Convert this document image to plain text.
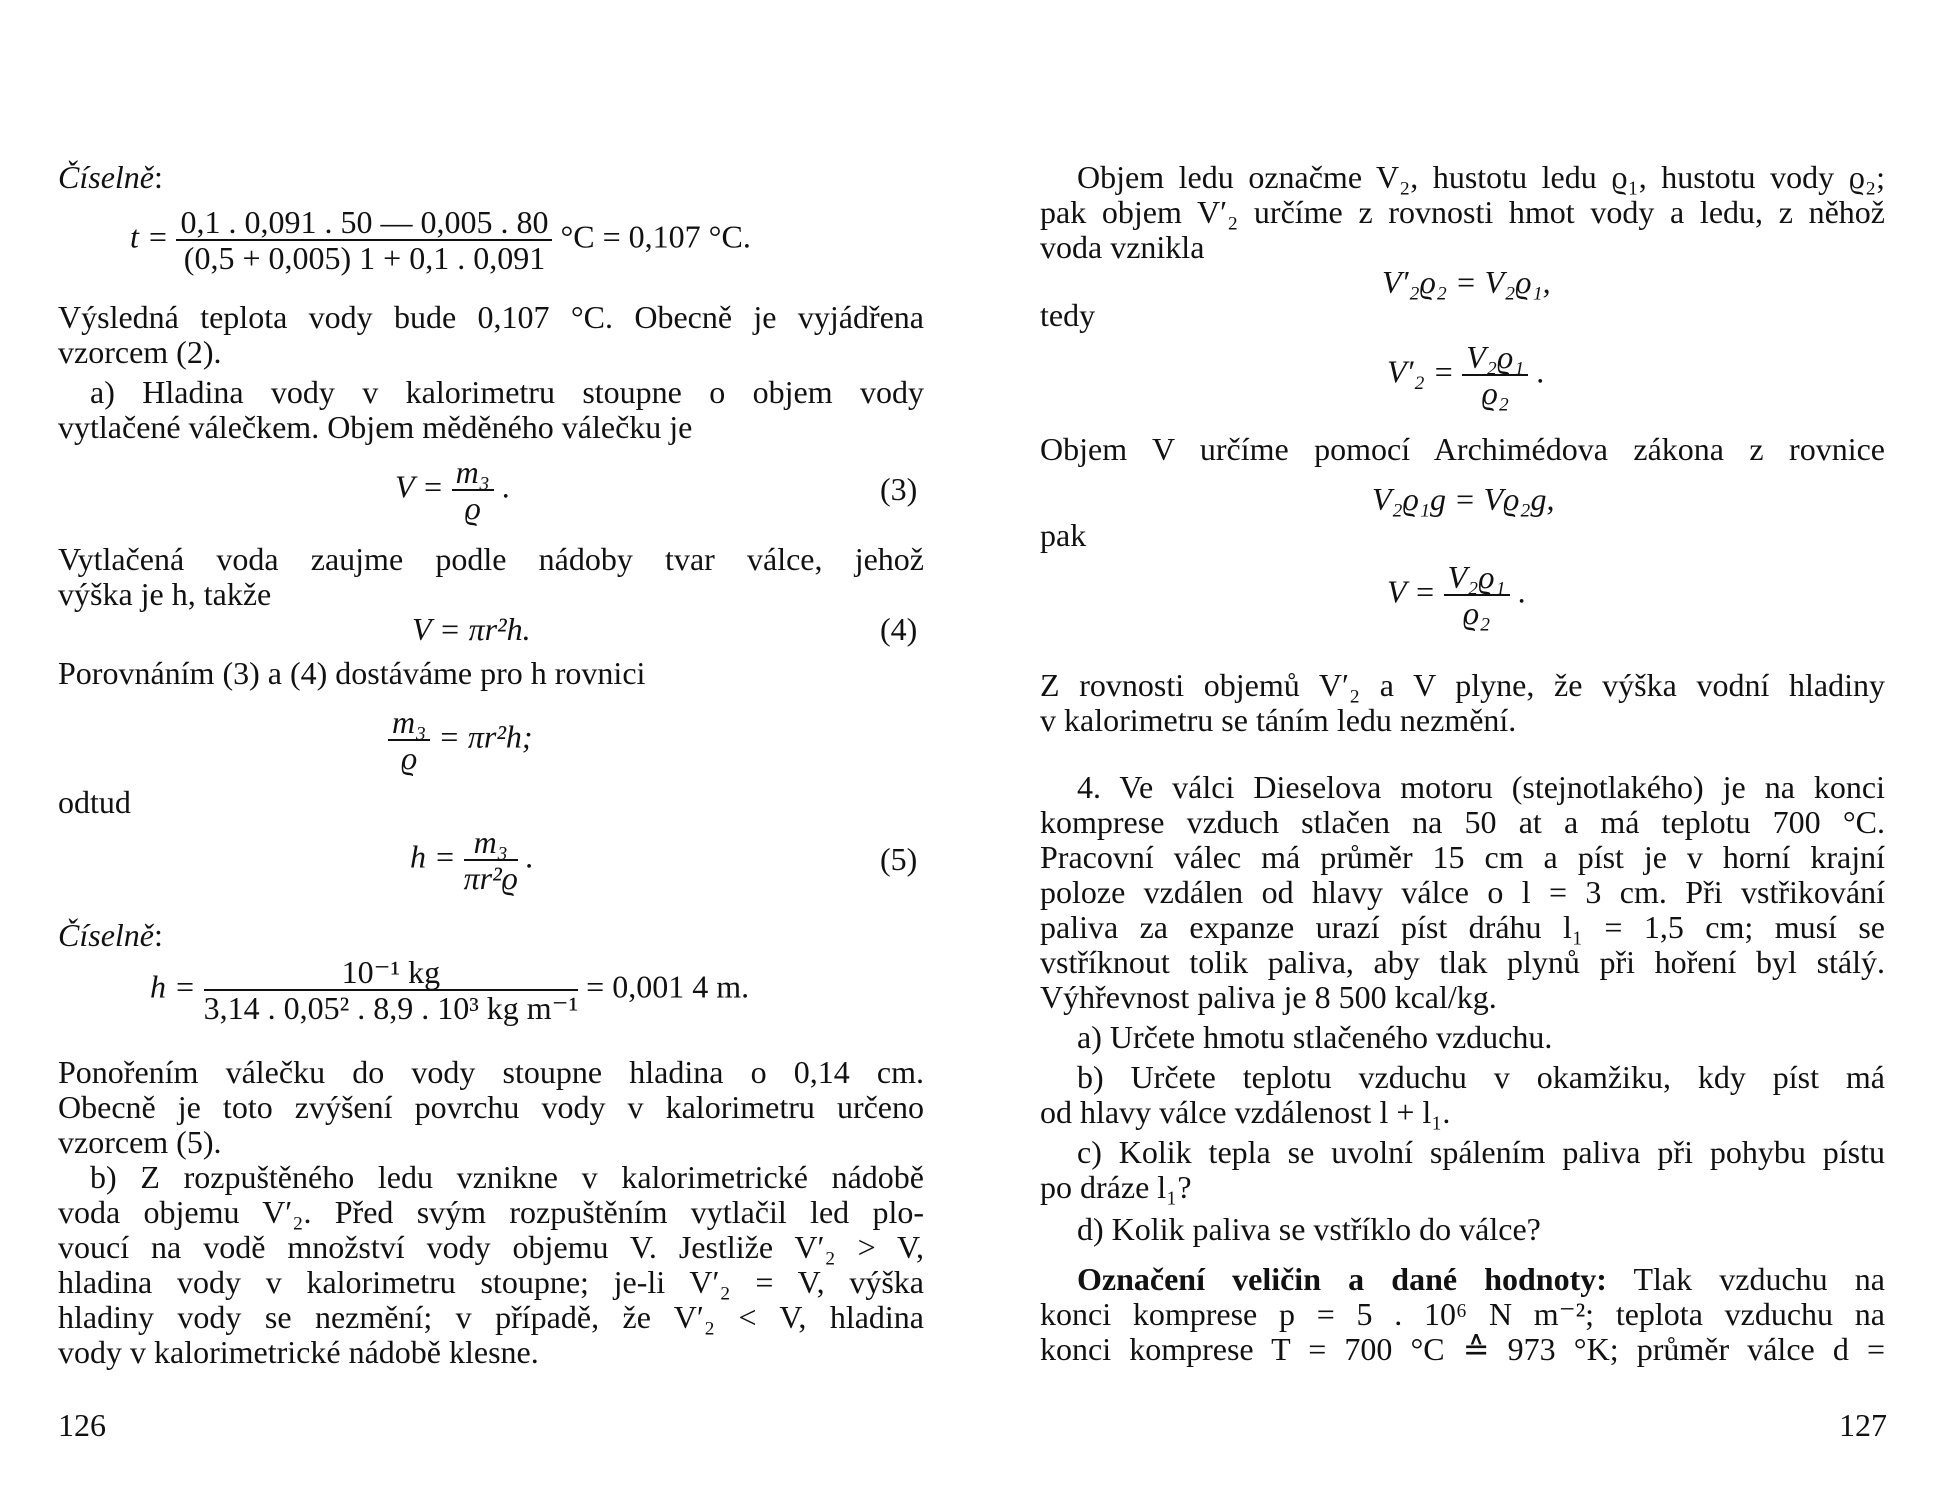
Číselně:
$t = \frac{0,1 . 0,091 . 50 — 0,005 . 80}{(0,5 + 0,005) 1 + 0,1 . 0,091} ^\circ C = 0,107$ °C.
Výsledná teplota vody bude 0,107 °C. Obecně je vyjádřena
vzorcem (2).
a) Hladina vody v kalorimetru stoupne o objem vody
vytlačené válečkem. Objem měděného válečku je
$V = \frac{\text{m₃}}{ϱ}$ .	(3)
Vytlačená voda zaujme podle nádoby tvar válce, jehož
výška je h, takže
V = πr²h.	(4)
Porovnáním (3) a (4) dostáváme pro h rovnici
$\frac{\text{m₃}}{ϱ} = \pi r^2h$;
odtud
$h = \frac{\text{m₃}}{\text{πr²ϱ}}$ .	(5)
Číselně:
$h = \frac{\text{10⁻¹ kg}}{\text{3,14 . 0,05² . 8,9 . 10³ kg m⁻¹}} = 0,001$ 4 m.
Ponořením válečku do vody stoupne hladina o 0,14 cm.
Obecně je toto zvýšení povrchu vody v kalorimetru určeno
vzorcem (5).
b) Z rozpuštěného ledu vznikne v kalorimetrické nádobě
voda objemu V′₂. Před svým rozpuštěním vytlačil led plo-
voucí na vodě množství vody objemu V. Jestliže V′₂ > V,
hladina vody v kalorimetru stoupne; je-li V′₂ = V, výška
hladiny vody se nezmění; v případě, že V′₂ < V, hladina
vody v kalorimetrické nádobě klesne.
126
Objem ledu označme V₂, hustotu ledu ϱ₁, hustotu vody ϱ₂;
pak objem V′₂ určíme z rovnosti hmot vody a ledu, z něhož
voda vznikla
V′₂ϱ₂ = V₂ϱ₁,
tedy
$V'_2 = \frac{\text{V₂ϱ₁}}{\text{ϱ₂}}$ .
Objem V určíme pomocí Archimédova zákona z rovnice
V₂ϱ₁g = Vϱ₂g,
pak
$V = \frac{\text{V₂ϱ₁}}{\text{ϱ₂}}$ .
Z rovnosti objemů V′₂ a V plyne, že výška vodní hladiny
v kalorimetru se táním ledu nezmění.
4. Ve válci Dieselova motoru (stejnotlakého) je na konci
komprese vzduch stlačen na 50 at a má teplotu 700 °C.
Pracovní válec má průměr 15 cm a píst je v horní krajní
poloze vzdálen od hlavy válce o l = 3 cm. Při vstřikování
paliva za expanze urazí píst dráhu l₁ = 1,5 cm; musí se
vstříknout tolik paliva, aby tlak plynů při hoření byl stálý.
Výhřevnost paliva je 8 500 kcal/kg.
a) Určete hmotu stlačeného vzduchu.
b) Určete teplotu vzduchu v okamžiku, kdy píst má
od hlavy válce vzdálenost l + l₁.
c) Kolik tepla se uvolní spálením paliva při pohybu pístu
po dráze l₁?
d) Kolik paliva se vstříklo do válce?
Označení veličin a dané hodnoty: Tlak vzduchu na
konci komprese p = 5 . 10⁶ N m⁻²; teplota vzduchu na
konci komprese T = 700 °C ≙ 973 °K; průměr válce d =
127
